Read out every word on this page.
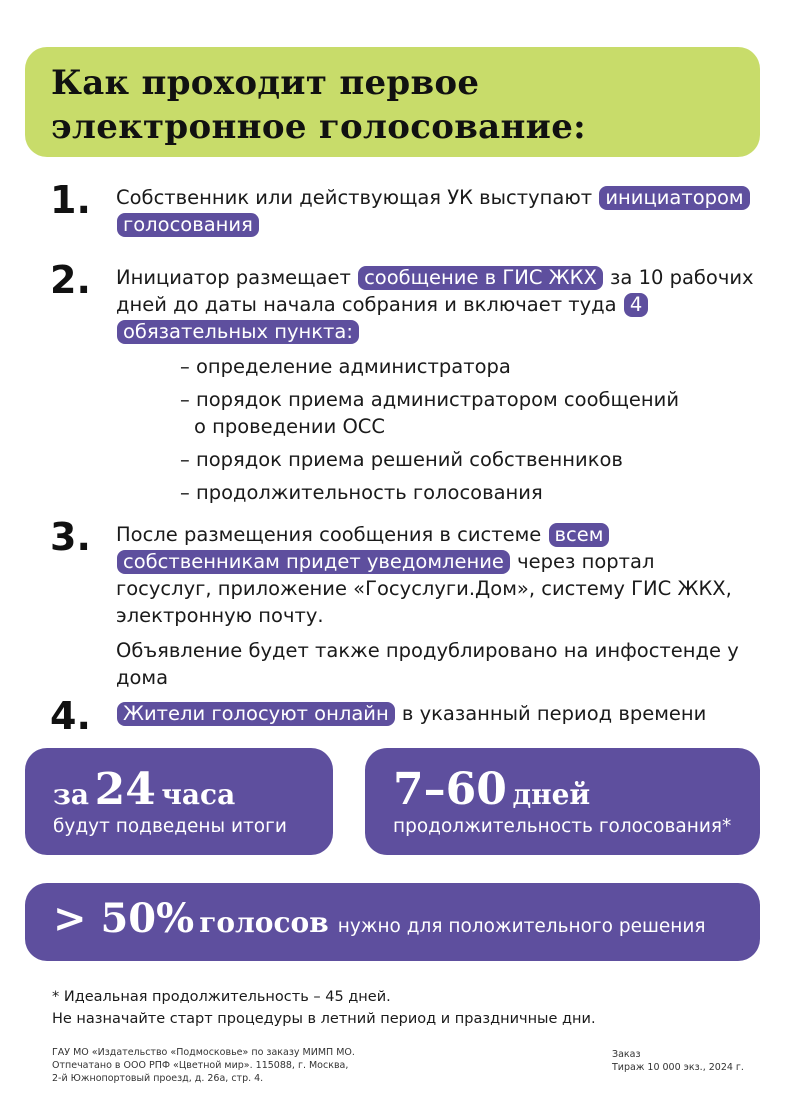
Как проходит первое
электронное голосование:
1. Собственник или действующая УК выступают инициатором голосования
2. Инициатор размещает сообщение в ГИС ЖКХ за 10 рабочих дней до даты начала собрания и включает туда 4 обязательных пункта:
– определение администратора
– порядок приема администратором сообщений
о проведении ОСС
– порядок приема решений собственников
– продолжительность голосования
3. После размещения сообщения в системе всем собственникам придет уведомление через портал госуслуг, приложение «Госуслуги.Дом», систему ГИС ЖКХ, электронную почту.
Объявление будет также продублировано на инфостенде у дома
4.	Жители голосуют онлайн в указанный период времени
за 24 часа
будут подведены итоги
7–60 дней
продолжительность голосования*
> 50% голосов нужно для положительного решения
* Идеальная продолжительность – 45 дней.
Не назначайте старт процедуры в летний период и праздничные дни.
ГАУ МО «Издательство «Подмосковье» по заказу МИМП МО.
Отпечатано в ООО РПФ «Цветной мир». 115088, г. Москва,
2-й Южнопортовый проезд, д. 26а, стр. 4.
Заказ
Тираж 10 000 экз., 2024 г.
